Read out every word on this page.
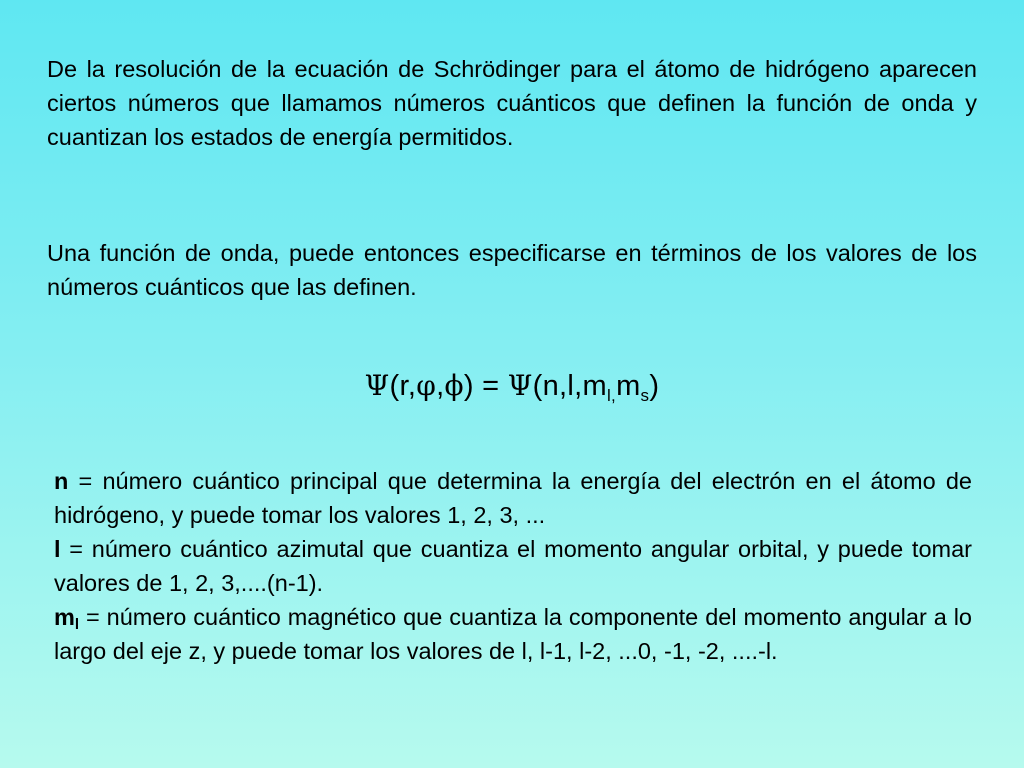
De la resolución de la ecuación de Schrödinger para el átomo de hidrógeno aparecen ciertos números que llamamos números cuánticos que definen la función de onda y cuantizan los estados de energía permitidos.

Una función de onda, puede entonces especificarse en términos de los valores de los números cuánticos que las definen.

$\Psi(r,\varphi,\phi) = \Psi(n,l,m_{l,}m_s)$

n = número cuántico principal que determina la energía del electrón en el átomo de hidrógeno, y puede tomar los valores 1, 2, 3, ...

l = número cuántico azimutal que cuantiza el momento angular orbital, y puede tomar valores de 1, 2, 3,....(n-1).

$m_l$ = número cuántico magnético que cuantiza la componente del momento angular a lo largo del eje z, y puede tomar los valores de l, l-1, l-2, ...0, -1, -2, ....-l.
